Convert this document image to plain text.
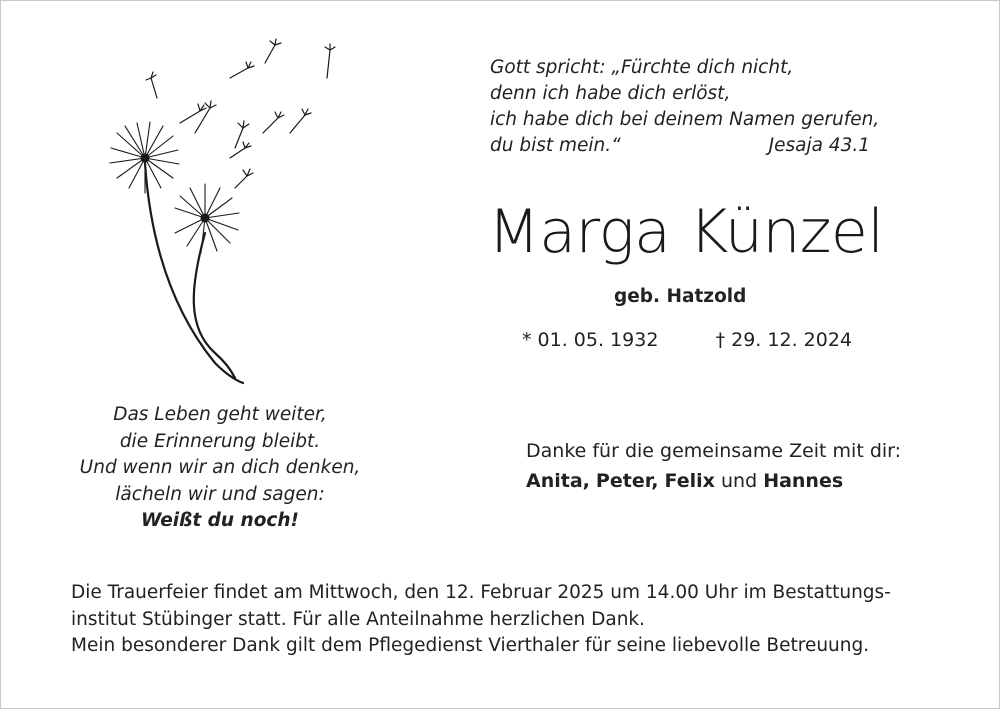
Gott spricht: „Fürchte dich nicht,
denn ich habe dich erlöst,
ich habe dich bei deinem Namen gerufen,
du bist mein.“	Jesaja 43.1
Marga Künzel
geb. Hatzold
* 01. 05. 1932	† 29. 12. 2024
Das Leben geht weiter,
die Erinnerung bleibt.
Und wenn wir an dich denken,
lächeln wir und sagen:
Weißt du noch!
Danke für die gemeinsame Zeit mit dir:
Anita, Peter, Felix und Hannes
Die Trauerfeier findet am Mittwoch, den 12. Februar 2025 um 14.00 Uhr im Bestattungs-
institut Stübinger statt. Für alle Anteilnahme herzlichen Dank.
Mein besonderer Dank gilt dem Pflegedienst Vierthaler für seine liebevolle Betreuung.
